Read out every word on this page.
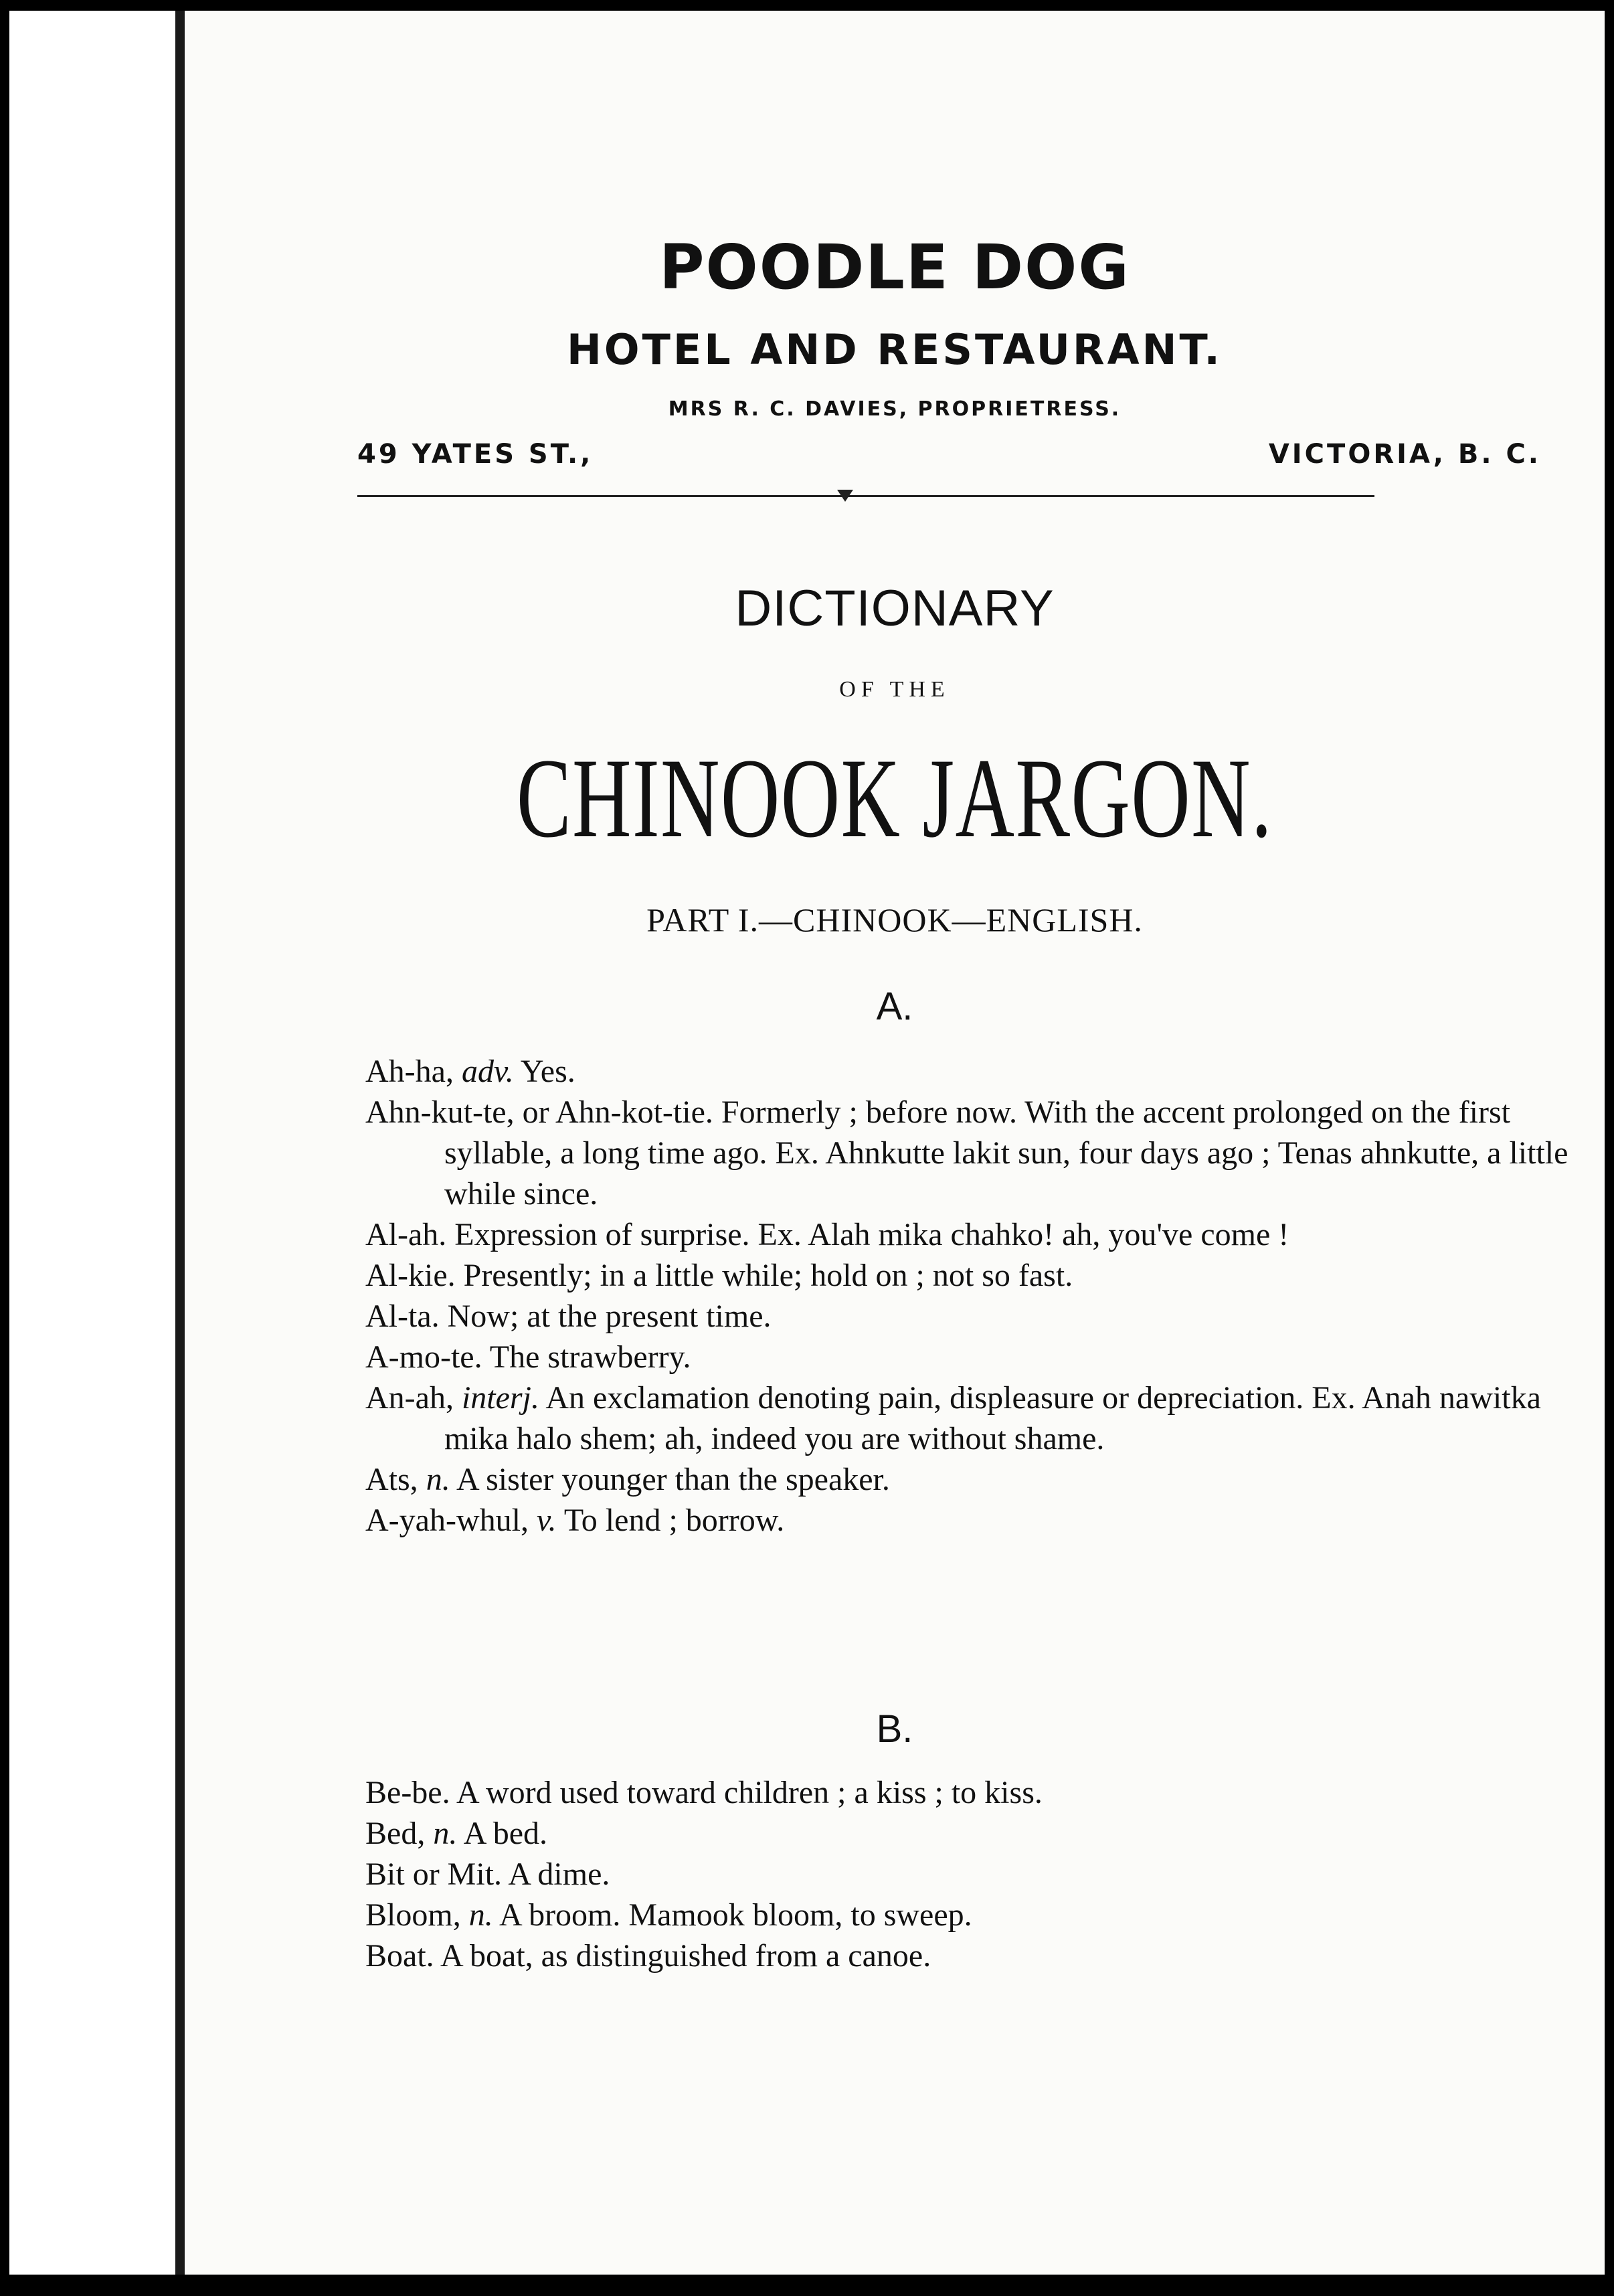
POODLE DOG
HOTEL AND RESTAURANT.
MRS R. C. DAVIES, PROPRIETRESS.
49 YATES ST.,	VICTORIA, B. C.
DICTIONARY
OF THE
CHINOOK JARGON.
PART I.—CHINOOK—ENGLISH.
A.
Ah-ha, adv. Yes.
Ahn-kut-te, or Ahn-kot-tie. Formerly ; before now. With the accent prolonged on the first syllable, a long time ago. Ex. Ahnkutte lakit sun, four days ago ; Tenas ahnkutte, a little while since.
Al-ah. Expression of surprise. Ex. Alah mika chahko! ah, you've come !
Al-kie. Presently; in a little while; hold on ; not so fast.
Al-ta. Now; at the present time.
A-mo-te. The strawberry.
An-ah, interj. An exclamation denoting pain, displeasure or depreciation. Ex. Anah nawitka mika halo shem; ah, indeed you are without shame.
Ats, n. A sister younger than the speaker.
A-yah-whul, v. To lend ; borrow.
B.
Be-be. A word used toward children ; a kiss ; to kiss.
Bed, n. A bed.
Bit or Mit. A dime.
Bloom, n. A broom. Mamook bloom, to sweep.
Boat. A boat, as distinguished from a canoe.
